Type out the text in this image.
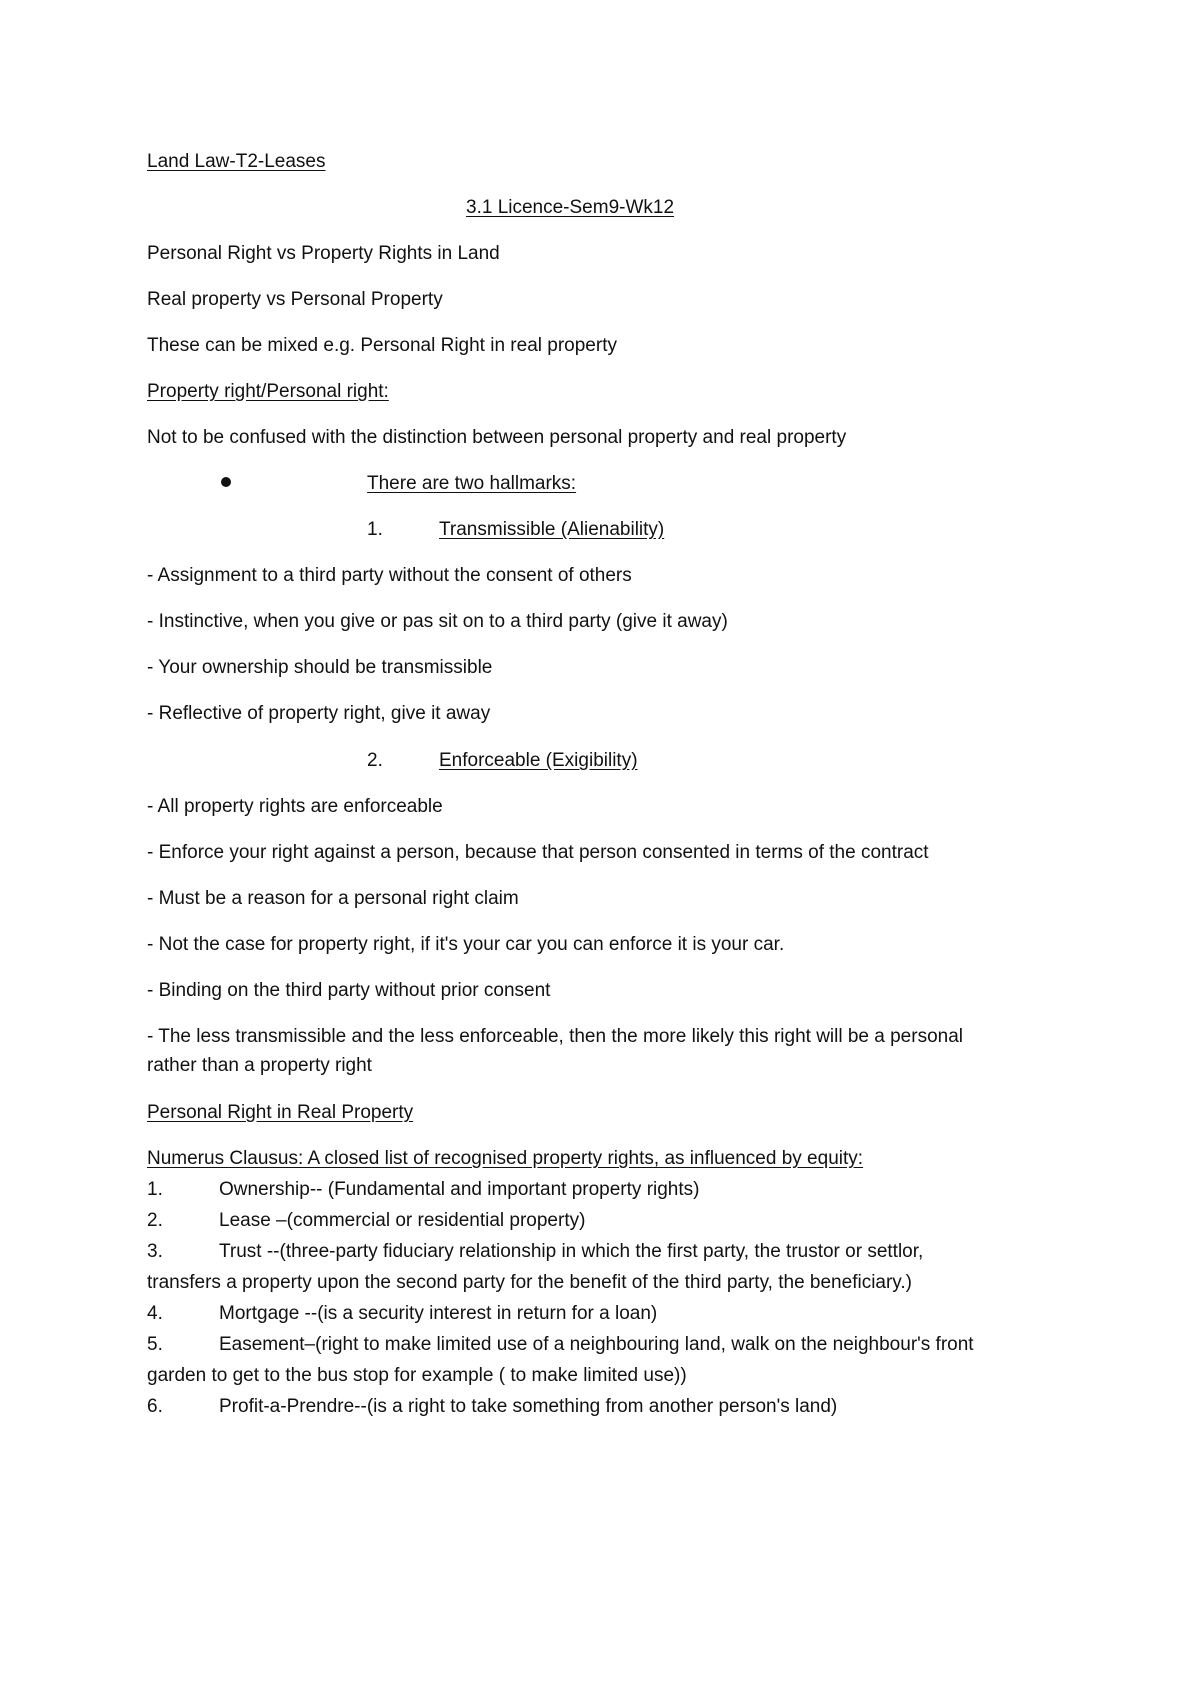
Land Law-T2-Leases
3.1 Licence-Sem9-Wk12
Personal Right vs Property Rights in Land
Real property vs Personal Property
These can be mixed e.g. Personal Right in real property
Property right/Personal right:
Not to be confused with the distinction between personal property and real property
There are two hallmarks:
1.	Transmissible (Alienability)
- Assignment to a third party without the consent of others
- Instinctive, when you give or pas sit on to a third party (give it away)
- Your ownership should be transmissible
- Reflective of property right, give it away
2.	Enforceable (Exigibility)
- All property rights are enforceable
- Enforce your right against a person, because that person consented in terms of the contract
- Must be a reason for a personal right claim
- Not the case for property right, if it's your car you can enforce it is your car.
- Binding on the third party without prior consent
- The less transmissible and the less enforceable, then the more likely this right will be a personal
rather than a property right
Personal Right in Real Property
Numerus Clausus: A closed list of recognised property rights, as influenced by equity:
1.	Ownership-- (Fundamental and important property rights)
2.	Lease –(commercial or residential property)
3.	Trust --(three-party fiduciary relationship in which the first party, the trustor or settlor,
transfers a property upon the second party for the benefit of the third party, the beneficiary.)
4.	Mortgage --(is a security interest in return for a loan)
5.	Easement–(right to make limited use of a neighbouring land, walk on the neighbour's front
garden to get to the bus stop for example ( to make limited use))
6.	Profit-a-Prendre--(is a right to take something from another person's land)
